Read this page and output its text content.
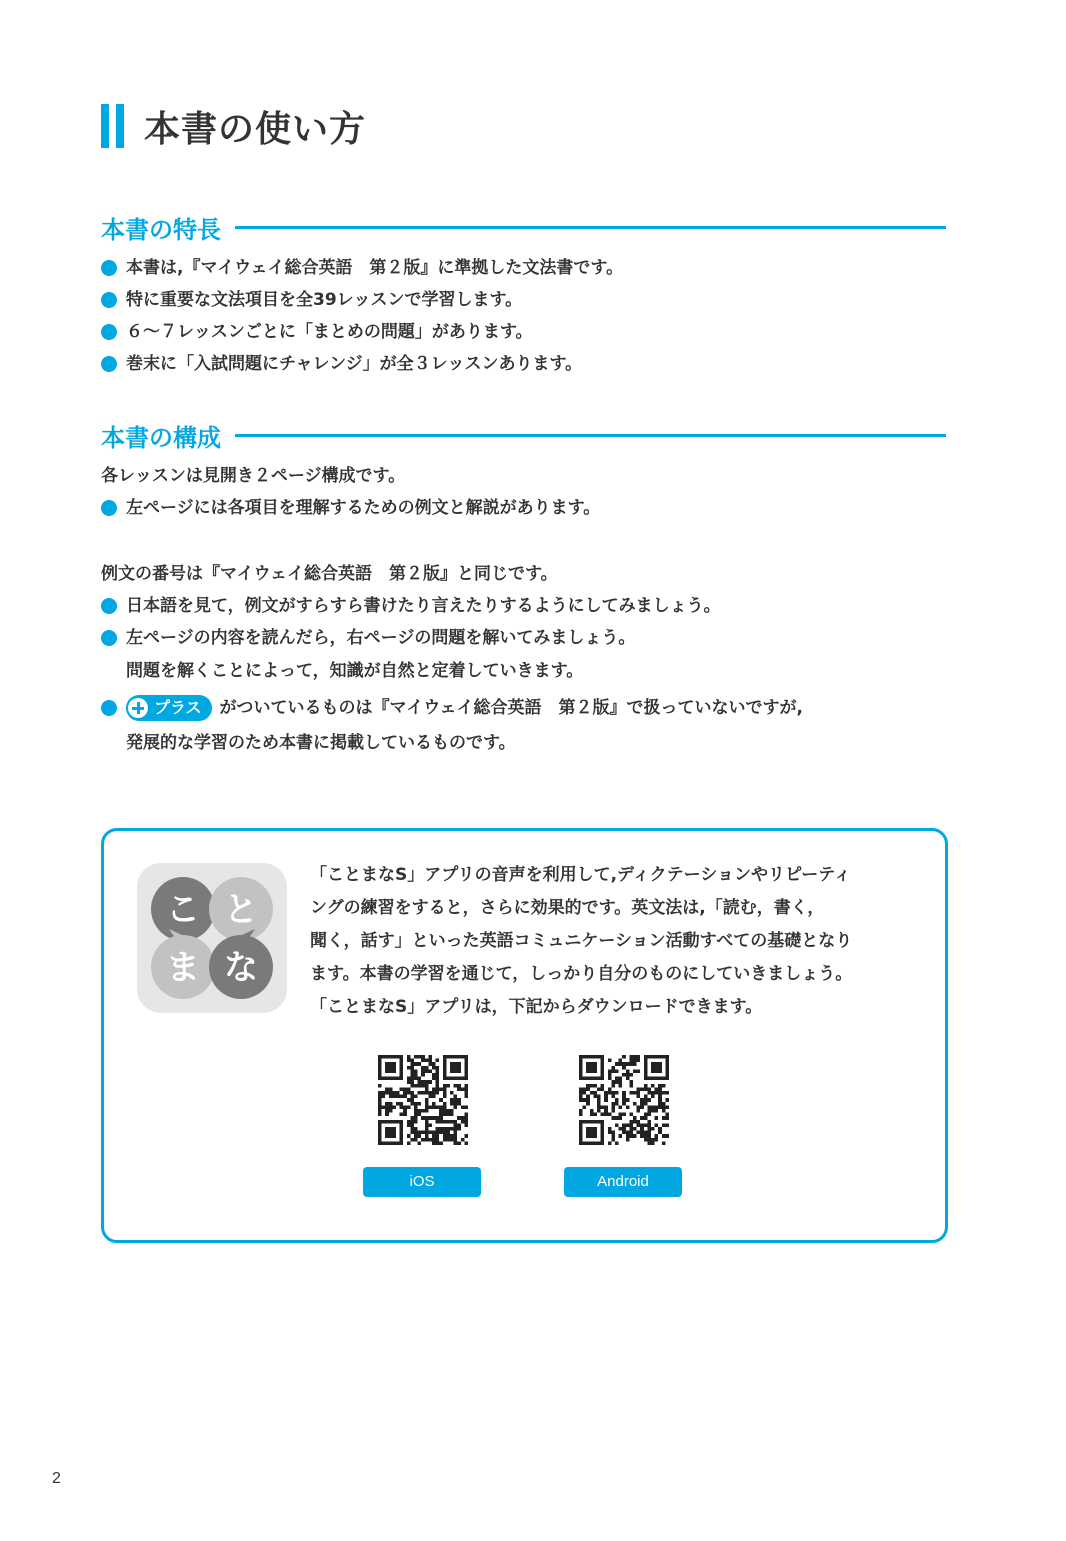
本書の使い方
本書の特長
本書は,『マイウェイ総合英語　第２版』に準拠した文法書です。
特に重要な文法項目を全39レッスンで学習します。
６〜７レッスンごとに「まとめの問題」があります。
巻末に「入試問題にチャレンジ」が全３レッスンあります。
本書の構成
各レッスンは見開き２ページ構成です。
左ページには各項目を理解するための例文と解説があります。
例文の番号は『マイウェイ総合英語　第２版』と同じです。
日本語を見て，例文がすらすら書けたり言えたりするようにしてみましょう。
左ページの内容を読んだら，右ページの問題を解いてみましょう。
問題を解くことによって，知識が自然と定着していきます。
プラス がついているものは『マイウェイ総合英語　第２版』で扱っていないですが,
発展的な学習のため本書に掲載しているものです。
こ と
ま な
「ことまなS」アプリの音声を利用して,ディクテーションやリピーティ
ングの練習をすると，さらに効果的です。英文法は,「読む，書く，
聞く，話す」といった英語コミュニケーション活動すべての基礎となり
ます。本書の学習を通じて，しっかり自分のものにしていきましょう。
「ことまなS」アプリは，下記からダウンロードできます。
iOS	Android
2
